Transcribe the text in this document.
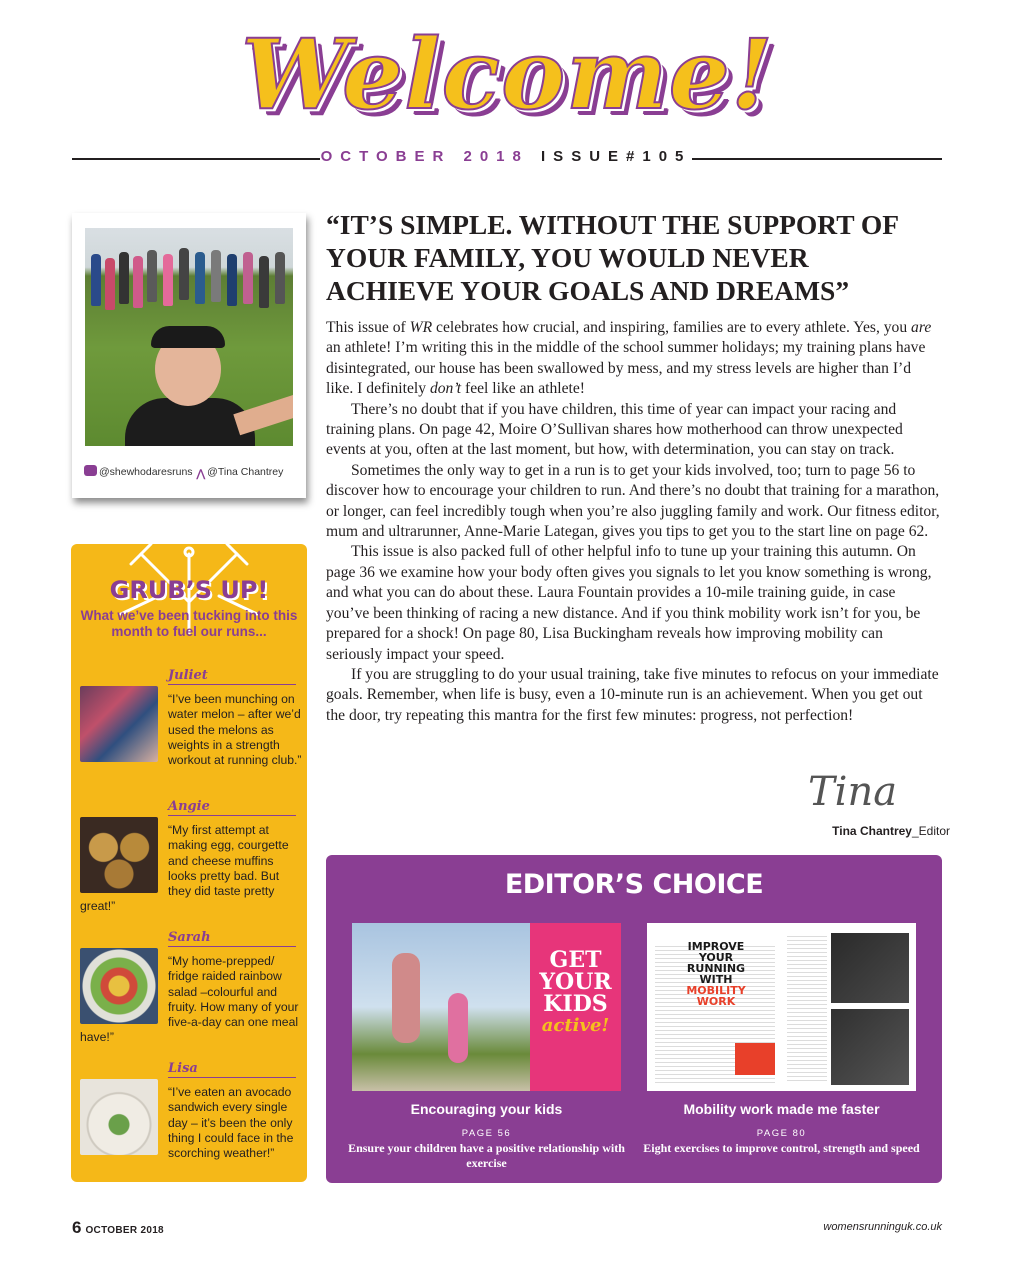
Welcome!
OCTOBER 2018 ISSUE#105
@shewhodaresruns ⋀ @Tina Chantrey
“IT’S SIMPLE. WITHOUT THE SUPPORT OF YOUR FAMILY, YOU WOULD NEVER ACHIEVE YOUR GOALS AND DREAMS”

This issue of WR celebrates how crucial, and inspiring, families are to every athlete. Yes, you are an athlete! I’m writing this in the middle of the school summer holidays; my training plans have disintegrated, our house has been swallowed by mess, and my stress levels are higher than I’d like. I definitely don’t feel like an athlete!

There’s no doubt that if you have children, this time of year can impact your racing and training plans. On page 42, Moire O’Sullivan shares how motherhood can throw unexpected events at you, often at the last moment, but how, with determination, you can stay on track.

Sometimes the only way to get in a run is to get your kids involved, too; turn to page 56 to discover how to encourage your children to run. And there’s no doubt that training for a marathon, or longer, can feel incredibly tough when you’re also juggling family and work. Our fitness editor, mum and ultrarunner, Anne-Marie Lategan, gives you tips to get you to the start line on page 62.

This issue is also packed full of other helpful info to tune up your training this autumn. On page 36 we examine how your body often gives you signals to let you know something is wrong, and what you can do about these. Laura Fountain provides a 10-mile training guide, in case you’ve been thinking of racing a new distance. And if you think mobility work isn’t for you, be prepared for a shock! On page 80, Lisa Buckingham reveals how improving mobility can seriously impact your speed.

If you are struggling to do your usual training, take five minutes to refocus on your immediate goals. Remember, when life is busy, even a 10-minute run is an achievement. When you get out the door, try repeating this mantra for the first few minutes: progress, not perfection!

Tina
Tina Chantrey_Editor
GRUB’S UP!
What we’ve been tucking into this month to fuel our runs...
Juliet
“I’ve been munching on water melon – after we’d used the melons as weights in a strength workout at running club.”
Angie
“My first attempt at making egg, courgette and cheese muffins looks pretty bad. But they did taste pretty great!”
Sarah
“My home-prepped/ fridge raided rainbow salad –colourful and fruity. How many of your five-a-day can one meal have!”
Lisa
“I’ve eaten an avocado sandwich every single day – it’s been the only thing I could face in the scorching weather!”
EDITOR’S CHOICE
GET
YOUR
KIDS
active!
Encouraging your kids
PAGE 56
Ensure your children have a positive relationship with exercise
IMPROVE
YOUR
RUNNING
WITH
MOBILITY
WORK
Mobility work made me faster
PAGE 80
Eight exercises to improve control, strength and speed
6 OCTOBER 2018	womensrunninguk.co.uk
